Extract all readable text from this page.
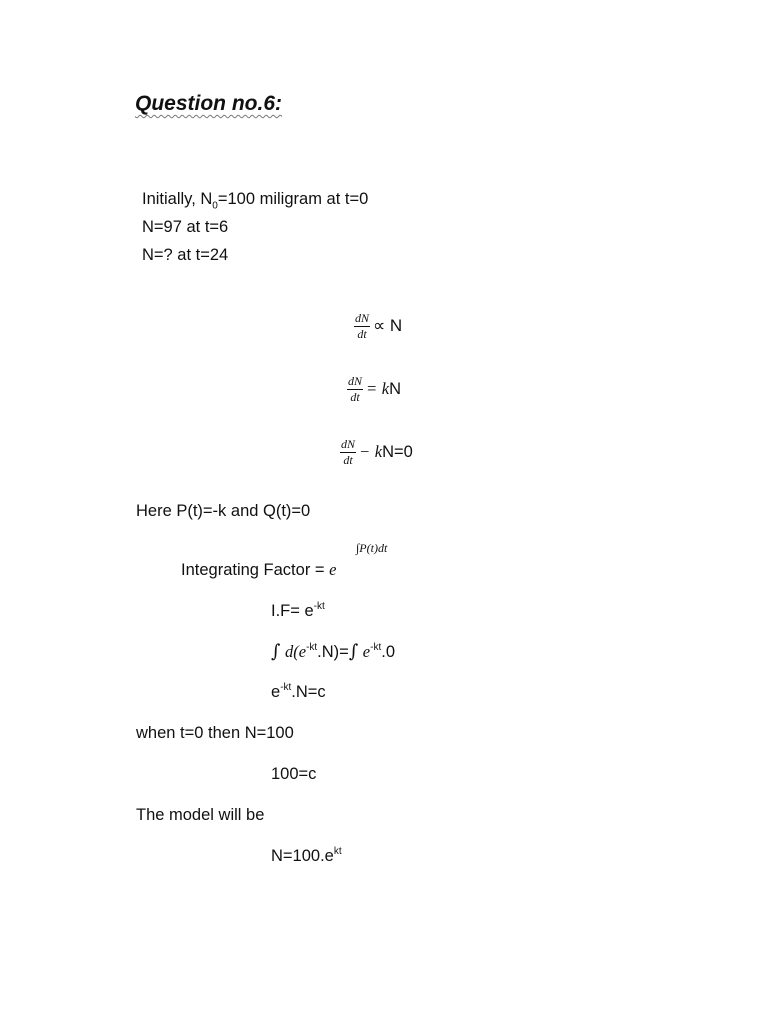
Question no.6:
Initially, $N_0=100$ miligram at t=0
N=97 at t=6
N=? at t=24
$\frac{dN}{dt} \propto N$
$\frac{dN}{dt}$ = kN
$\frac{dN}{dt} - kN=0$
Here P(t)=-k and Q(t)=0
∫P(t)dt
Integrating Factor = e
$I.F= e^{-kt}$
∫ $d(e^{-kt}.N)=\int$ $e^{-kt}.0$
$e^{-kt}.N=c$
when t=0 then N=100
100=c
The model will be
$N=100.e^{kt}$
